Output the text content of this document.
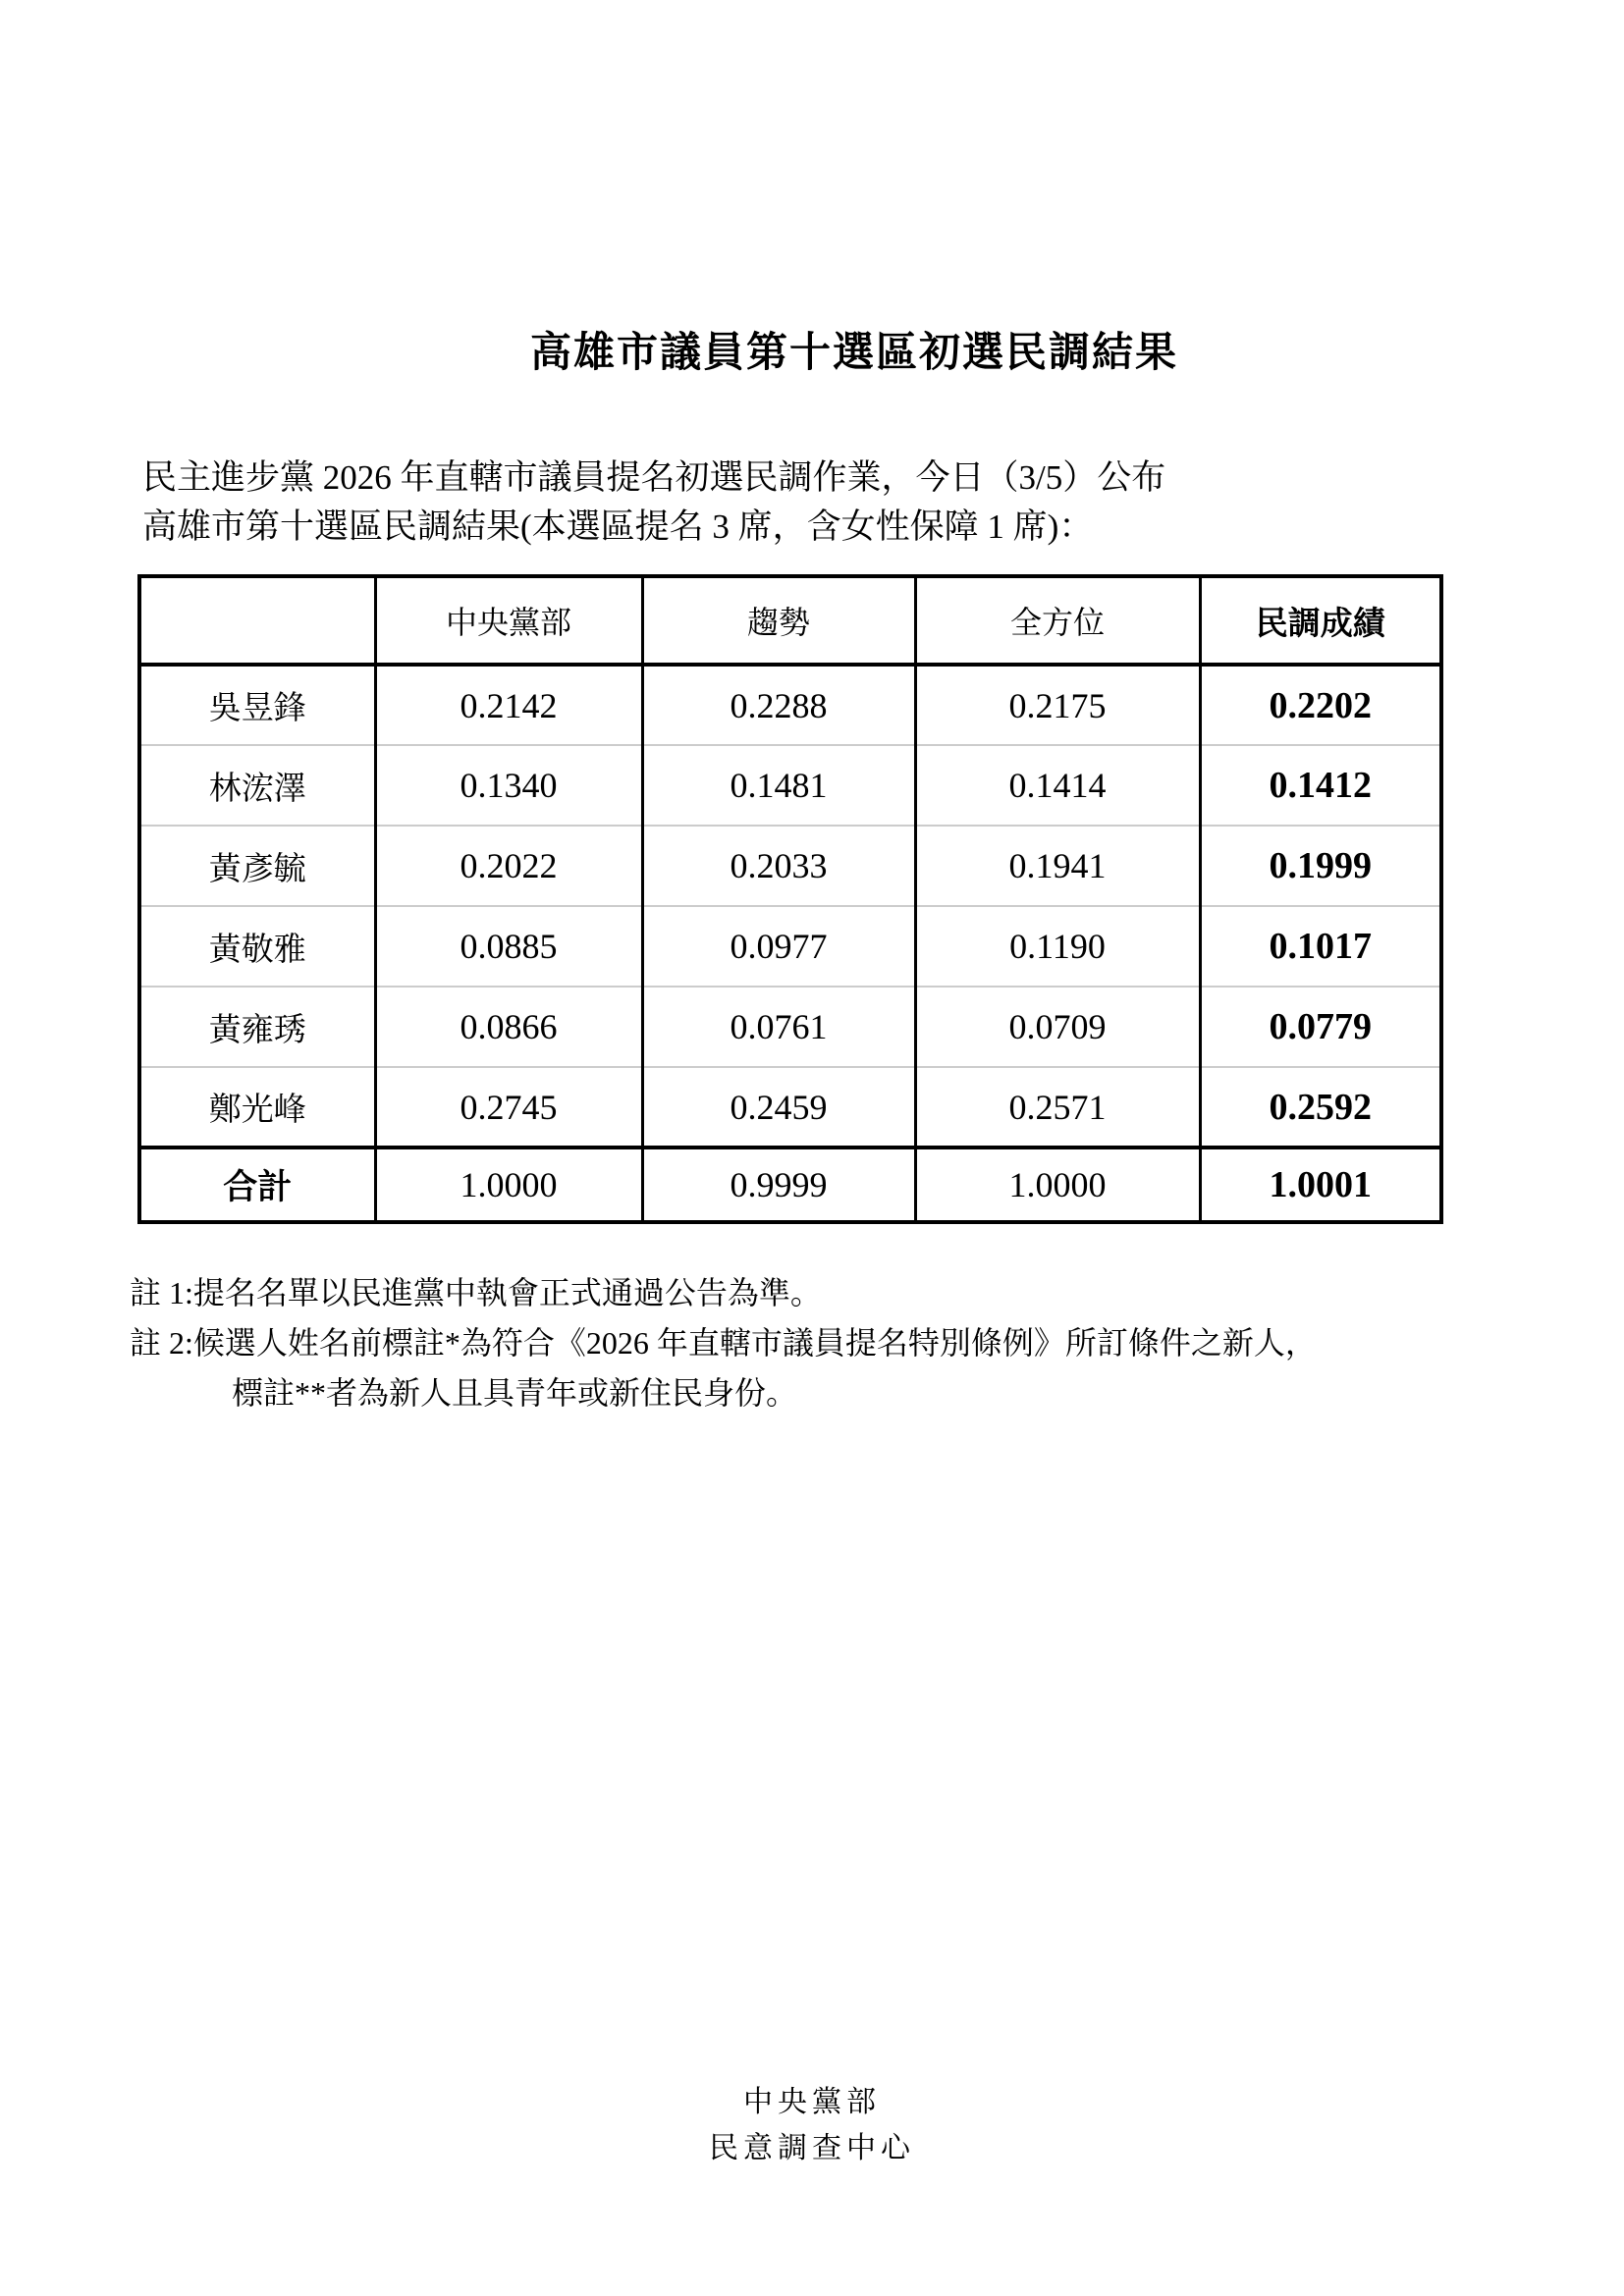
高雄市議員第十選區初選民調結果
民主進步黨 2026 年直轄市議員提名初選民調作業，今日（3/5）公布
高雄市第十選區民調結果(本選區提名 3 席，含女性保障 1 席)：
	中央黨部	趨勢	全方位	民調成績
吳昱鋒	0.2142	0.2288	0.2175	0.2202
林浤澤	0.1340	0.1481	0.1414	0.1412
黃彥毓	0.2022	0.2033	0.1941	0.1999
黃敬雅	0.0885	0.0977	0.1190	0.1017
黃雍琇	0.0866	0.0761	0.0709	0.0779
鄭光峰	0.2745	0.2459	0.2571	0.2592
合計	1.0000	0.9999	1.0000	1.0001
註 1:提名名單以民進黨中執會正式通過公告為準。
註 2:候選人姓名前標註*為符合《2026 年直轄市議員提名特別條例》所訂條件之新人，
標註**者為新人且具青年或新住民身份。
中央黨部
民意調查中心
